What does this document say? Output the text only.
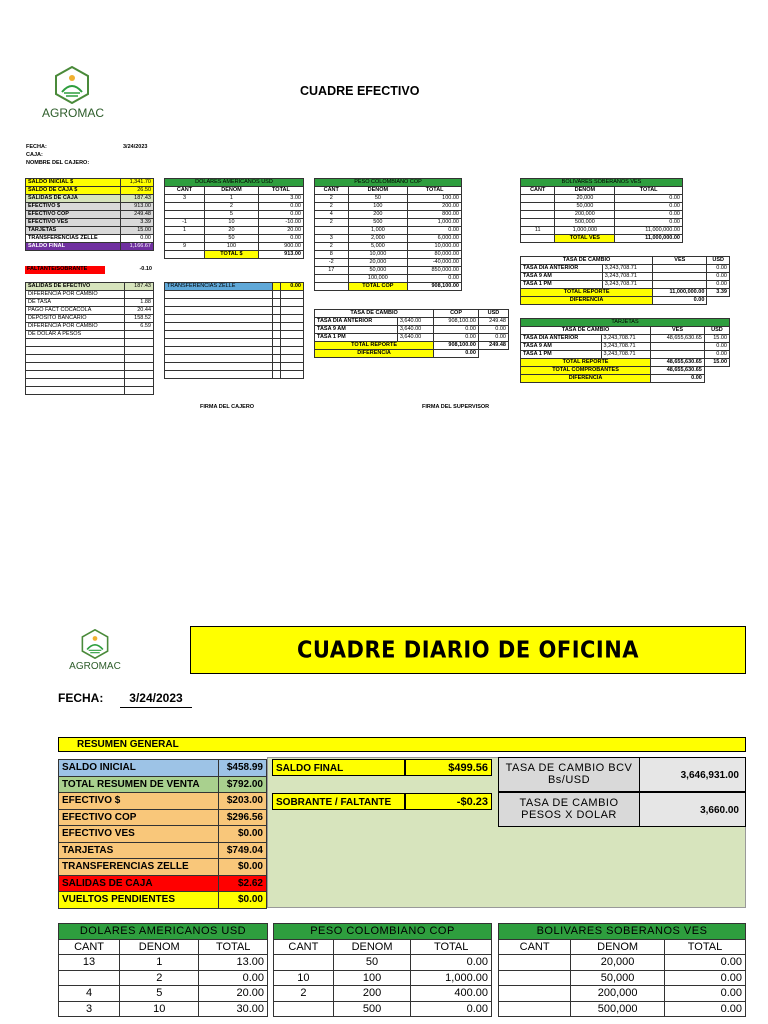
AGROMAC
CUADRE EFECTIVO
FECHA:	3/24/2023
CAJA:
NOMBRE DEL CAJERO:
SALDO INICIAL $	1,341.70
SALDO DE CAJA $	26.50
SALIDAS DE CAJA	187.43
EFECTIVO $	913.00
EFECTIVO COP	249.48
EFECTIVO VES	3.39
TARJETAS	15.00
TRANSFERENCIAS ZELLE	0.00
SALDO FINAL	1,166.67
FALTANTE/SOBRANTE	-0.10
SALIDAS DE EFECTIVO	187.43
DIFERENCIA POR CAMBIO	
DE TASA	1.88
PAGO FACT COCACOLA	20.44
DEPOSITO BANCARIO	158.52
DIFERENCIA POR CAMBIO	6.59
DE DOLAR A PESOS	

DOLARES AMERICANOS USD		
CANT	DENOM	TOTAL
3	1	3.00
	2	0.00
	5	0.00
-1	10	-10.00
1	20	20.00
	50	0.00
9	100	900.00
	TOTAL $	913.00
TRANSFERENCIAS ZELLE		0.00

PESO COLOMBIANO COP		
CANT	DENOM	TOTAL
2	50	100.00
2	100	200.00
4	200	800.00
2	500	1,000.00
	1,000	0.00
3	2,000	6,000.00
2	5,000	10,000.00
8	10,000	80,000.00
-2	20,000	-40,000.00
17	50,000	850,000.00
	100,000	0.00
	TOTAL COP	908,100.00
TASA DE CAMBIO		COP	USD
TASA DIA ANTERIOR	3,640.00	908,100.00	249.48
TASA 9 AM	3,640.00	0.00	0.00
TASA 1 PM	3,640.00	0.00	0.00
TOTAL REPORTE		908,100.00	249.48
DIFERENCIA		0.00	
BOLIVARES SOBERANOS VES		
CANT	DENOM	TOTAL
	20,000	0.00
	50,000	0.00
	200,000	0.00
	500,000	0.00
11	1,000,000	11,000,000.00
	TOTAL VES	11,000,000.00
TASA DE CAMBIO		VES	USD
TASA DIA ANTERIOR	3,243,708.71		0.00
TASA 9 AM	3,243,708.71		0.00
TASA 1 PM	3,243,708.71		0.00
TOTAL REPORTE		11,000,000.00	3.39
DIFERENCIA		0.00	
TARJETAS			
TASA DE CAMBIO		VES	USD
TASA DIA ANTERIOR	3,243,708.71	48,655,630.65	15.00
TASA 9 AM	3,243,708.71		0.00
TASA 1 PM	3,243,708.71		0.00
TOTAL REPORTE		48,655,630.65	15.00
TOTAL COMPROBANTES		48,655,630.65	
DIFERENCIA		0.00	
FIRMA DEL CAJERO	FIRMA DEL SUPERVISOR
AGROMAC
CUADRE DIARIO DE OFICINA
FECHA:	3/24/2023
RESUMEN GENERAL
SALDO INICIAL	$458.99
TOTAL RESUMEN DE VENTA	$792.00
EFECTIVO $	$203.00
EFECTIVO COP	$296.56
EFECTIVO VES	$0.00
TARJETAS	$749.04
TRANSFERENCIAS ZELLE	$0.00
SALIDAS DE CAJA	$2.62
VUELTOS PENDIENTES	$0.00
SALDO FINAL	$499.56
SOBRANTE / FALTANTE	-$0.23
TASA DE CAMBIO BCV Bs/USD	3,646,931.00
TASA DE CAMBIO PESOS X DOLAR	3,660.00
DOLARES AMERICANOS USD		
CANT	DENOM	TOTAL
13	1	13.00
	2	0.00
4	5	20.00
3	10	30.00
PESO COLOMBIANO COP		
CANT	DENOM	TOTAL
	50	0.00
10	100	1,000.00
2	200	400.00
	500	0.00
BOLIVARES SOBERANOS VES		
CANT	DENOM	TOTAL
	20,000	0.00
	50,000	0.00
	200,000	0.00
	500,000	0.00
